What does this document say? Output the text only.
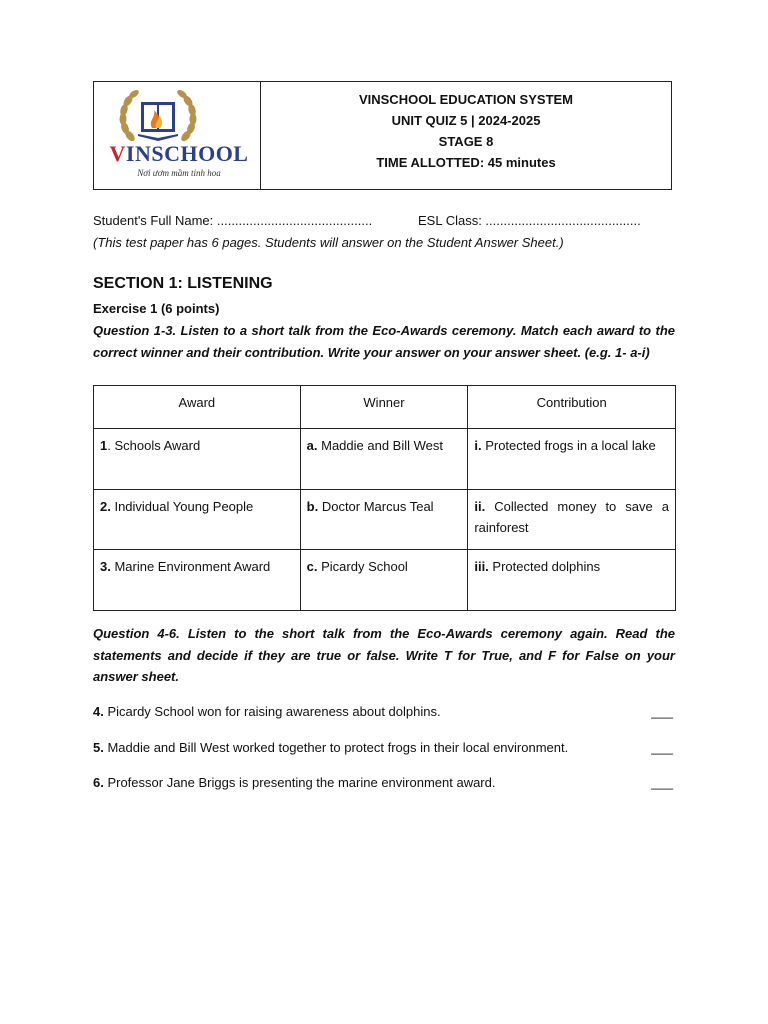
VINSCHOOL
Nơi ươm mầm tinh hoa
VINSCHOOL EDUCATION SYSTEM
UNIT QUIZ 5 | 2024-2025
STAGE 8
TIME ALLOTTED: 45 minutes
Student's Full Name: ...........................................	ESL Class: ...........................................
(This test paper has 6 pages. Students will answer on the Student Answer Sheet.)
SECTION 1: LISTENING
Exercise 1 (6 points)
Question 1-3. Listen to a short talk from the Eco-Awards ceremony. Match each award to the correct winner and their contribution. Write your answer on your answer sheet. (e.g. 1- a-i)
Award	Winner	Contribution
1. Schools Award	a. Maddie and Bill West	i. Protected frogs in a local lake
2. Individual Young People	b. Doctor Marcus Teal	ii. Collected money to save a rainforest
3. Marine Environment Award	c. Picardy School	iii. Protected dolphins
Question 4-6. Listen to the short talk from the Eco-Awards ceremony again. Read the statements and decide if they are true or false. Write T for True, and F for False on your answer sheet.
4. Picardy School won for raising awareness about dolphins.	___
5. Maddie and Bill West worked together to protect frogs in their local environment.	___
6. Professor Jane Briggs is presenting the marine environment award.	___
